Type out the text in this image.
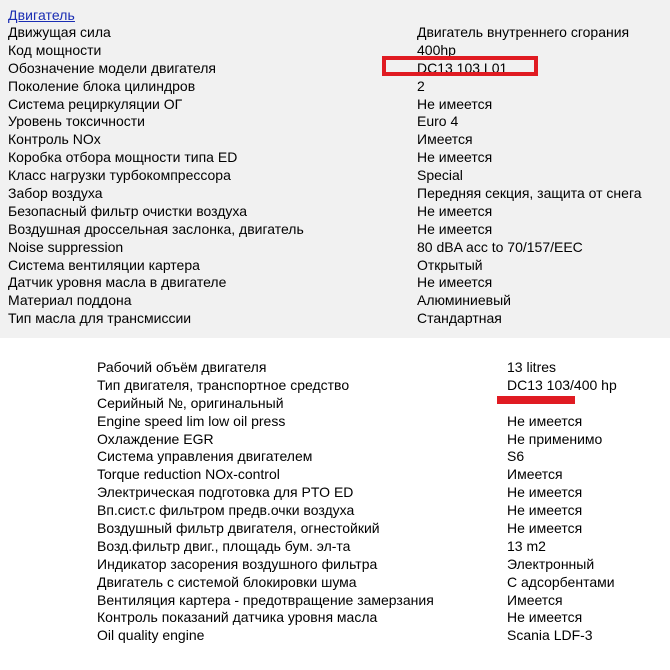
Двигатель
Движущая сила	Двигатель внутреннего сгорания
Код мощности	400hp
Обозначение модели двигателя	DC13 103 L01
Поколение блока цилиндров	2
Система рециркуляции ОГ	Не имеется
Уровень токсичности	Euro 4
Контроль NOx	Имеется
Коробка отбора мощности типа ED	Не имеется
Класс нагрузки турбокомпрессора	Special
Забор воздуха	Передняя секция, защита от снега
Безопасный фильтр очистки воздуха	Не имеется
Воздушная дроссельная заслонка, двигатель	Не имеется
Noise suppression	80 dBA acc to 70/157/EEC
Система вентиляции картера	Открытый
Датчик уровня масла в двигателе	Не имеется
Материал поддона	Алюминиевый
Тип масла для трансмиссии	Стандартная
Рабочий объём двигателя	13 litres
Тип двигателя, транспортное средство	DC13 103/400 hp
Серийный №, оригинальный
Engine speed lim low oil press	Не имеется
Охлаждение EGR	Не применимо
Система управления двигателем	S6
Torque reduction NOx-control	Имеется
Электрическая подготовка для PTO ED	Не имеется
Вп.сист.с фильтром предв.очки воздуха	Не имеется
Воздушный фильтр двигателя, огнестойкий	Не имеется
Возд.фильтр двиг., площадь бум. эл-та	13 m2
Индикатор засорения воздушного фильтра	Электронный
Двигатель с системой блокировки шума	С адсорбентами
Вентиляция картера - предотвращение замерзания	Имеется
Контроль показаний датчика уровня масла	Не имеется
Oil quality engine	Scania LDF-3
